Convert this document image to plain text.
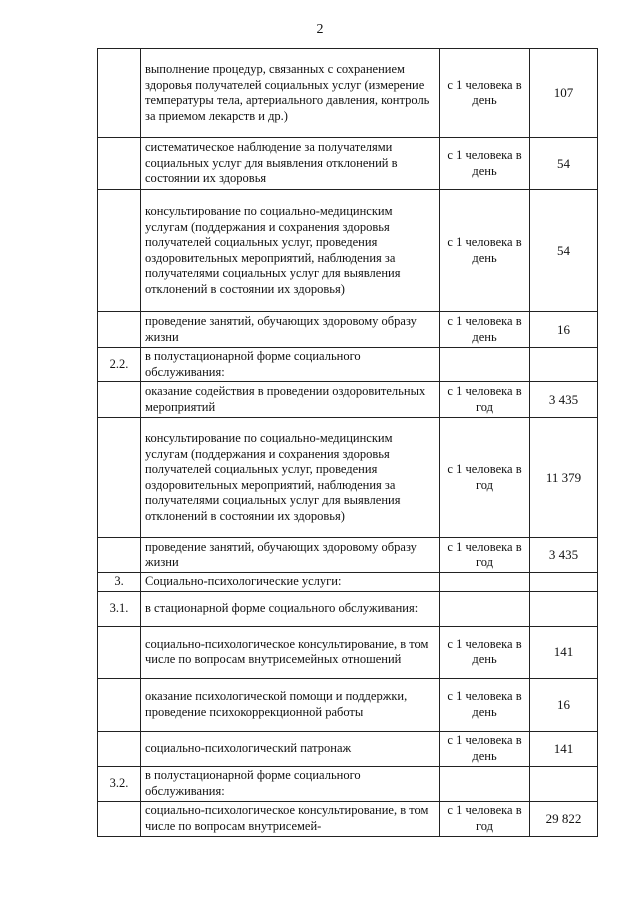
2
	выполнение процедур, связанных с сохранением здоровья получателей социальных услуг (измерение температуры тела, артериального давления, контроль за приемом лекарств и др.)	с 1 человека в день	107
	систематическое наблюдение за получателями социальных услуг для выявления отклонений в состоянии их здоровья	с 1 человека в день	54
	консультирование по социально-медицинским услугам (поддержания и сохранения здоровья получателей социальных услуг, проведения оздоровительных мероприятий, наблюдения за получателями социальных услуг для выявления отклонений в состоянии их здоровья)	с 1 человека в день	54
	проведение занятий, обучающих здоровому образу жизни	с 1 человека в день	16
2.2.	в полустационарной форме социального обслуживания:		
	оказание содействия в проведении оздоровительных мероприятий	с 1 человека в год	3 435
	консультирование по социально-медицинским услугам (поддержания и сохранения здоровья получателей социальных услуг, проведения оздоровительных мероприятий, наблюдения за получателями социальных услуг для выявления отклонений в состоянии их здоровья)	с 1 человека в год	11 379
	проведение занятий, обучающих здоровому образу жизни	с 1 человека в год	3 435
3.	Социально-психологические услуги:		
3.1.	в стационарной форме социального обслуживания:		
	социально-психологическое консультирование, в том числе по вопросам внутрисемейных отношений	с 1 человека в день	141
	оказание психологической помощи и поддержки, проведение психокоррекционной работы	с 1 человека в день	16
	социально-психологический патронаж	с 1 человека в день	141
3.2.	в полустационарной форме социального обслуживания:		
	социально-психологическое консультирование, в том числе по вопросам внутрисемей-	с 1 человека в год	29 822
